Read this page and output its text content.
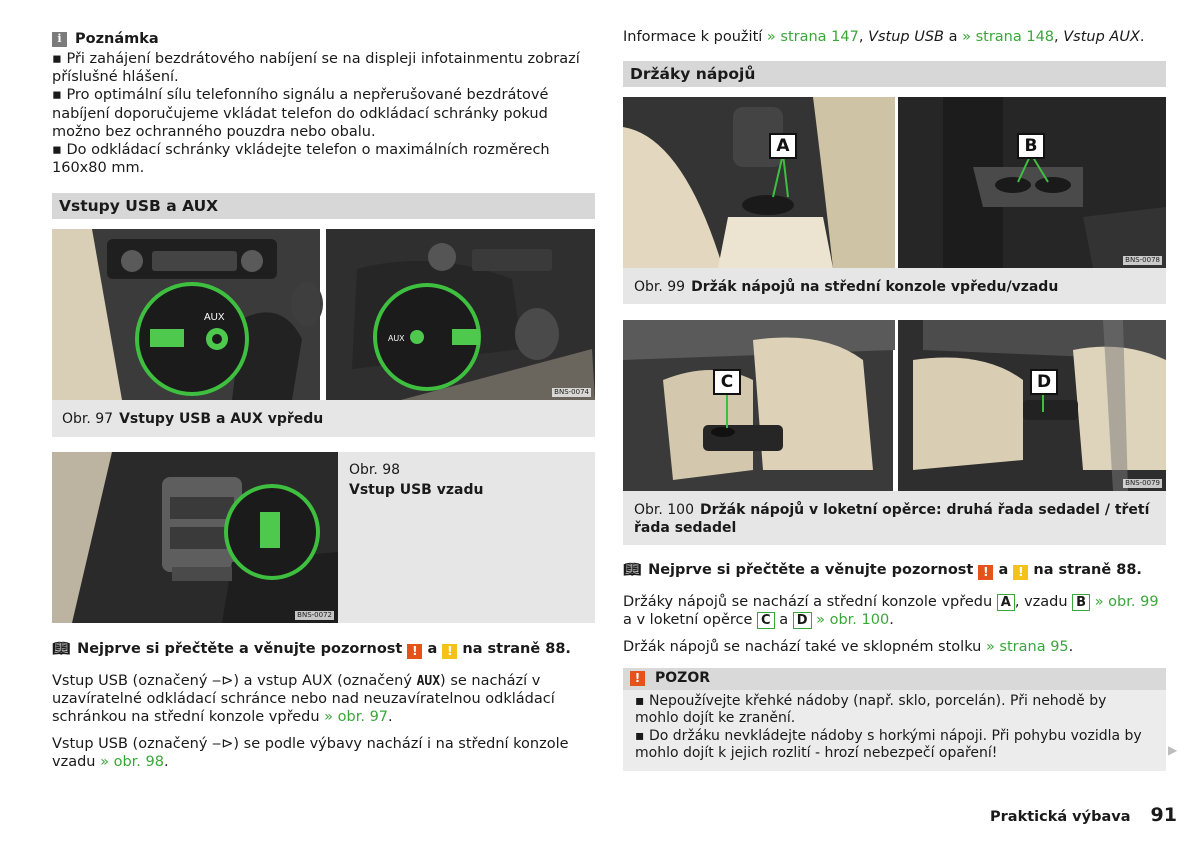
i Poznámka

▪ Při zahájení bezdrátového nabíjení se na displeji infotainmentu zobrazí příslušné hlášení.

▪ Pro optimální sílu telefonního signálu a nepřerušované bezdrátové nabíjení doporučujeme vkládat telefon do odkládací schránky pokud možno bez ochranného pouzdra nebo obalu.

▪ Do odkládací schránky vkládejte telefon o maximálních rozměrech 160x80 mm.

Vstupy USB a AUX
AUX
AUX
BNS-0074
Obr. 97 Vstupy USB a AUX vpředu
BNS-0072
Obr. 98
Vstup USB vzadu

📖︎ Nejprve si přečtěte a věnujte pozornost ! a ! na straně 88.

Vstup USB (označený ‒⊳) a vstup AUX (označený AUX) se nachází v uzavíratelné odkládací schránce nebo nad neuzavíratelnou odkládací schránkou na střední konzole vpředu » obr. 97.

Vstup USB (označený ‒⊳) se podle výbavy nachází i na střední konzole vzadu » obr. 98.

Informace k použití » strana 147, Vstup USB a » strana 148, Vstup AUX.

Držáky nápojů
A	B
BNS-0078
Obr. 99 Držák nápojů na střední konzole vpředu/vzadu
C	D
BNS-0079
Obr. 100 Držák nápojů v loketní opěrce: druhá řada sedadel / třetí řada sedadel

📖︎ Nejprve si přečtěte a věnujte pozornost ! a ! na straně 88.

Držáky nápojů se nachází a střední konzole vpředu A , vzadu B » obr. 99
a v loketní opěrce C a D » obr. 100.

Držák nápojů se nachází také ve sklopném stolku » strana 95.

!	POZOR

▪ Nepoužívejte křehké nádoby (např. sklo, porcelán). Při nehodě by mohlo dojít ke zranění.

▪ Do držáku nevkládejte nádoby s horkými nápoji. Při pohybu vozidla by mohlo dojít k jejich rozlití - hrozí nebezpečí opaření!	▶
Praktická výbava 91
